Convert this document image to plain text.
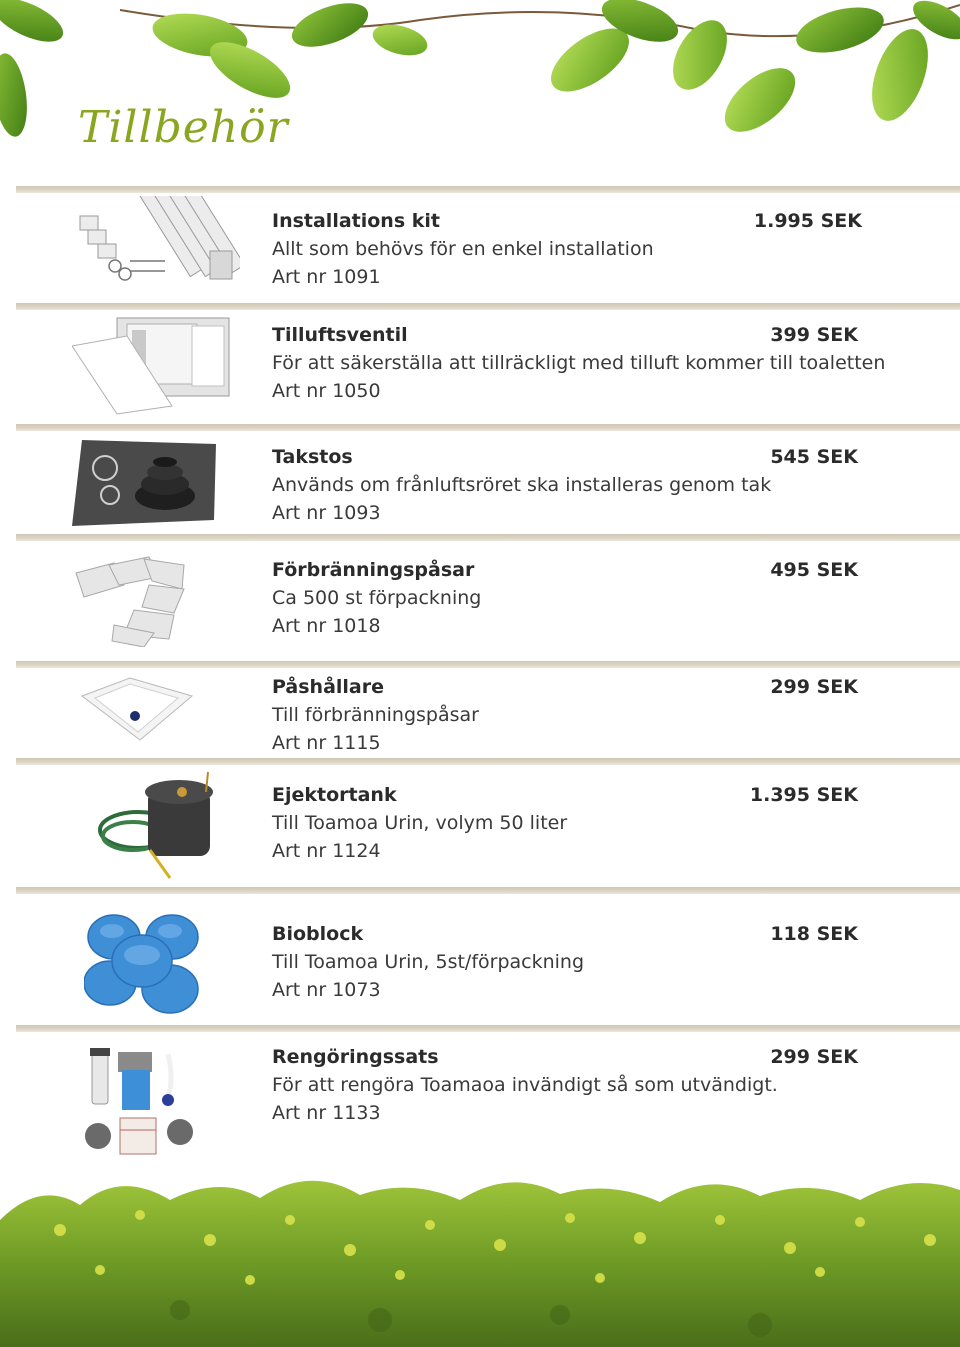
Tillbehör
Installations kit	1.995 SEK
Allt som behövs för en enkel installation
Art nr 1091
Tilluftsventil	399 SEK
För att säkerställa att tillräckligt med tilluft kommer till toaletten
Art nr 1050
Takstos	545 SEK
Används om frånluftsröret ska installeras genom tak
Art nr 1093
Förbränningspåsar	495 SEK
Ca 500 st förpackning
Art nr 1018
Påshållare	299 SEK
Till förbränningspåsar
Art nr 1115
Ejektortank	1.395 SEK
Till Toamoa Urin, volym 50 liter
Art nr 1124
Bioblock	118 SEK
Till Toamoa Urin, 5st/förpackning
Art nr 1073
Rengöringssats	299 SEK
För att rengöra Toamaoa invändigt så som utvändigt.
Art nr 1133
